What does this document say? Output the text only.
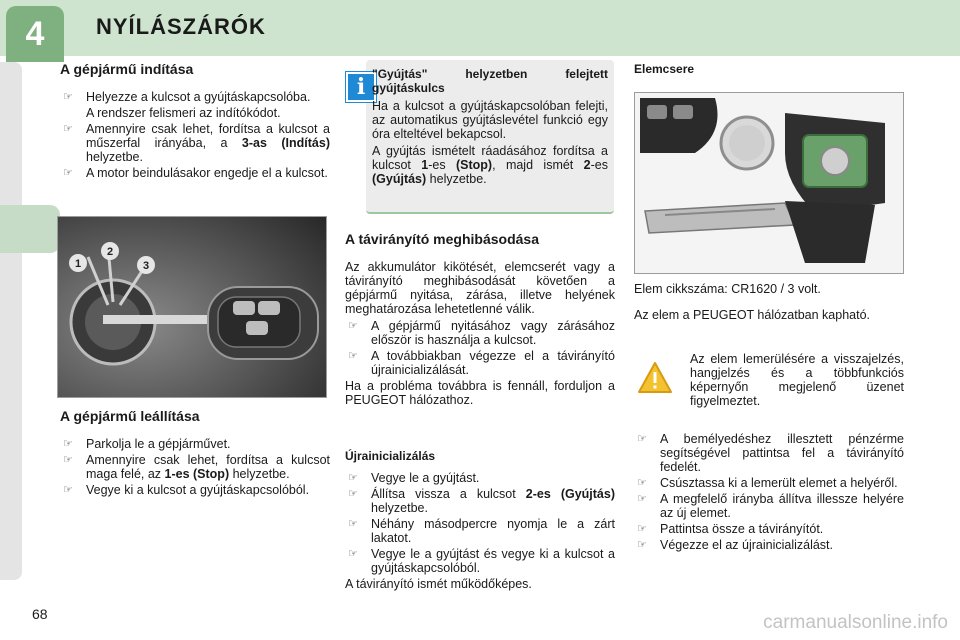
4	NYÍLÁSZÁRÓK
A gépjármű indítása
☞ Helyezze a kulcsot a gyújtáskapcsolóba.
A rendszer felismeri az indítókódot.
☞ Amennyire csak lehet, fordítsa a kulcsot a műszerfal irányába, a 3-as (Indítás) helyzetbe.
☞ A motor beindulásakor engedje el a kulcsot.
1
2
3
A gépjármű leállítása
☞ Parkolja le a gépjárművet.
☞ Amennyire csak lehet, fordítsa a kulcsot maga felé, az 1-es (Stop) helyzetbe.
☞ Vegye ki a kulcsot a gyújtáskapcsolóból.
i "Gyújtás" helyzetben felejtett gyújtáskulcs

Ha a kulcsot a gyújtáskapcsolóban felejti, az automatikus gyújtáslevétel funkció egy óra elteltével bekapcsol.

A gyújtás ismételt ráadásához fordítsa a kulcsot 1-es (Stop), majd ismét 2-es (Gyújtás) helyzetbe.

A távirányító meghibásodása

Az akkumulátor kikötését, elemcserét vagy a távirányító meghibásodását követően a gépjármű nyitása, zárása, illetve helyének meghatározása lehetetlenné válik.

☞ A gépjármű nyitásához vagy zárásához először is használja a kulcsot.
☞ A továbbiakban végezze el a távirányító újrainicializálását.

Ha a probléma továbbra is fennáll, forduljon a PEUGEOT hálózathoz.

Újrainicializálás
☞ Vegye le a gyújtást.
☞ Állítsa vissza a kulcsot 2-es (Gyújtás) helyzetbe.
☞ Néhány másodpercre nyomja le a zárt lakatot.
☞ Vegye le a gyújtást és vegye ki a kulcsot a gyújtáskapcsolóból.

A távirányító ismét működőképes.

Elemcsere

Elem cikkszáma: CR1620 / 3 volt.

Az elem a PEUGEOT hálózatban kapható.

Az elem lemerülésére a visszajelzés, hangjelzés és a többfunkciós képernyőn megjelenő üzenet figyelmeztet.

☞ A bemélyedéshez illesztett pénzérme segítségével pattintsa fel a távirányító fedelét.
☞ Csúsztassa ki a lemerült elemet a helyéről.
☞ A megfelelő irányba állítva illessze helyére az új elemet.
☞ Pattintsa össze a távirányítót.
☞ Végezze el az újrainicializálást.
68	carmanualsonline.info
